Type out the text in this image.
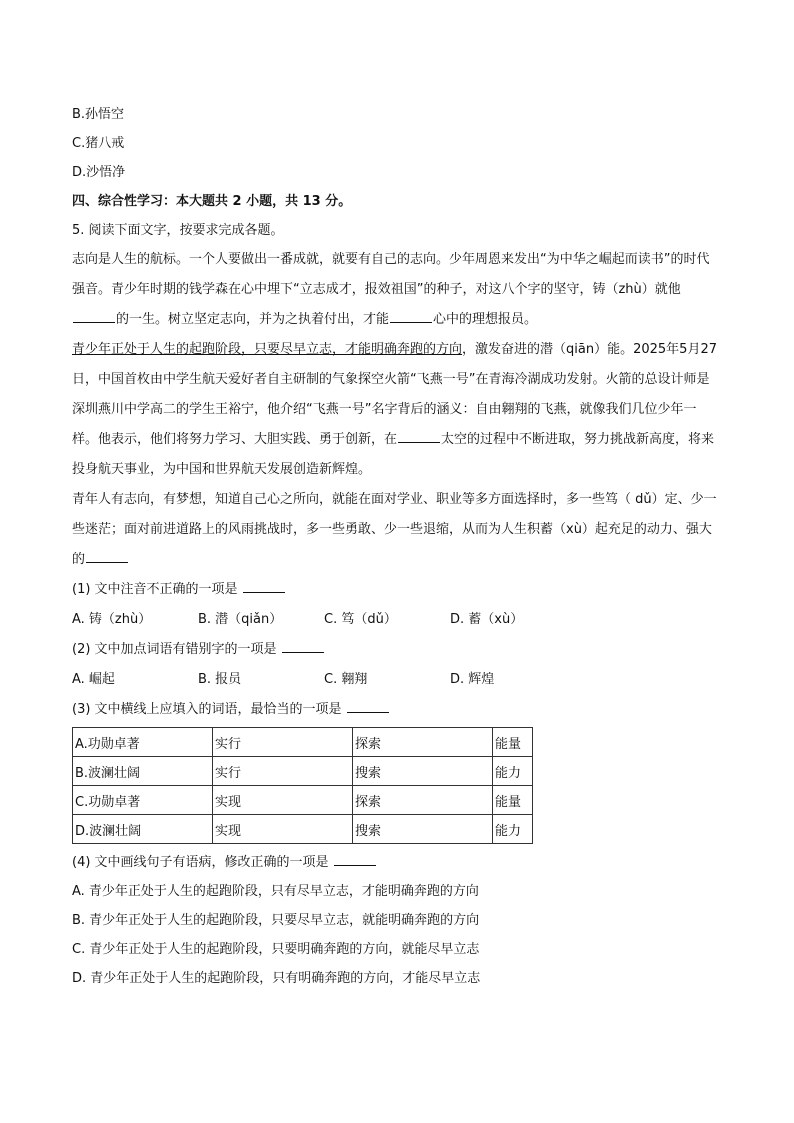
B.孙悟空
C.猪八戒
D.沙悟净
四、综合性学习：本大题共 2 小题，共 13 分。
5. 阅读下面文字，按要求完成各题。
志向是人生的航标。一个人要做出一番成就，就要有自己的志向。少年周恩来发出“为中华之崛起而读书”的时代强音。青少年时期的钱学森在心中埋下“立志成才，报效祖国”的种子，对这八个字的坚守，铸（zhù）就他的一生。树立坚定志向，并为之执着付出，才能	心中的理想报员。
青少年正处于人生的起跑阶段，只要尽早立志，才能明确奔跑的方向，激发奋进的潜（qiān）能。2025年5月27日，中国首枚由中学生航天爱好者自主研制的气象探空火箭“飞燕一号”在青海冷湖成功发射。火箭的总设计师是深圳燕川中学高二的学生王裕宁，他介绍“飞燕一号”名字背后的涵义：自由翱翔的飞燕，就像我们几位少年一样。他表示，他们将努力学习、大胆实践、勇于创新，在	太空的过程中不断进取，努力挑战新高度，将来投身航天事业，为中国和世界航天发展创造新辉煌。
青年人有志向，有梦想，知道自己心之所向，就能在面对学业、职业等多方面选择时，多一些笃（ dǔ）定、少一些迷茫；面对前进道路上的风雨挑战时，多一些勇敢、少一些退缩，从而为人生积蓄（xù）起充足的动力、强大的
(1) 文中注音不正确的一项是
A. 铸（zhù）	B. 潜（qiǎn）	C. 笃（dǔ）	D. 蓄（xù）
(2) 文中加点词语有错别字的一项是
A. 崛起	B. 报员	C. 翱翔	D. 辉煌
(3) 文中横线上应填入的词语，最恰当的一项是
A.功勋卓著	实行	探索	能量
B.波澜壮阔	实行	搜索	能力
C.功勋卓著	实现	探索	能量
D.波澜壮阔	实现	搜索	能力
(4) 文中画线句子有语病，修改正确的一项是
A. 青少年正处于人生的起跑阶段，只有尽早立志，才能明确奔跑的方向
B. 青少年正处于人生的起跑阶段，只要尽早立志，就能明确奔跑的方向
C. 青少年正处于人生的起跑阶段，只要明确奔跑的方向，就能尽早立志
D. 青少年正处于人生的起跑阶段，只有明确奔跑的方向，才能尽早立志
